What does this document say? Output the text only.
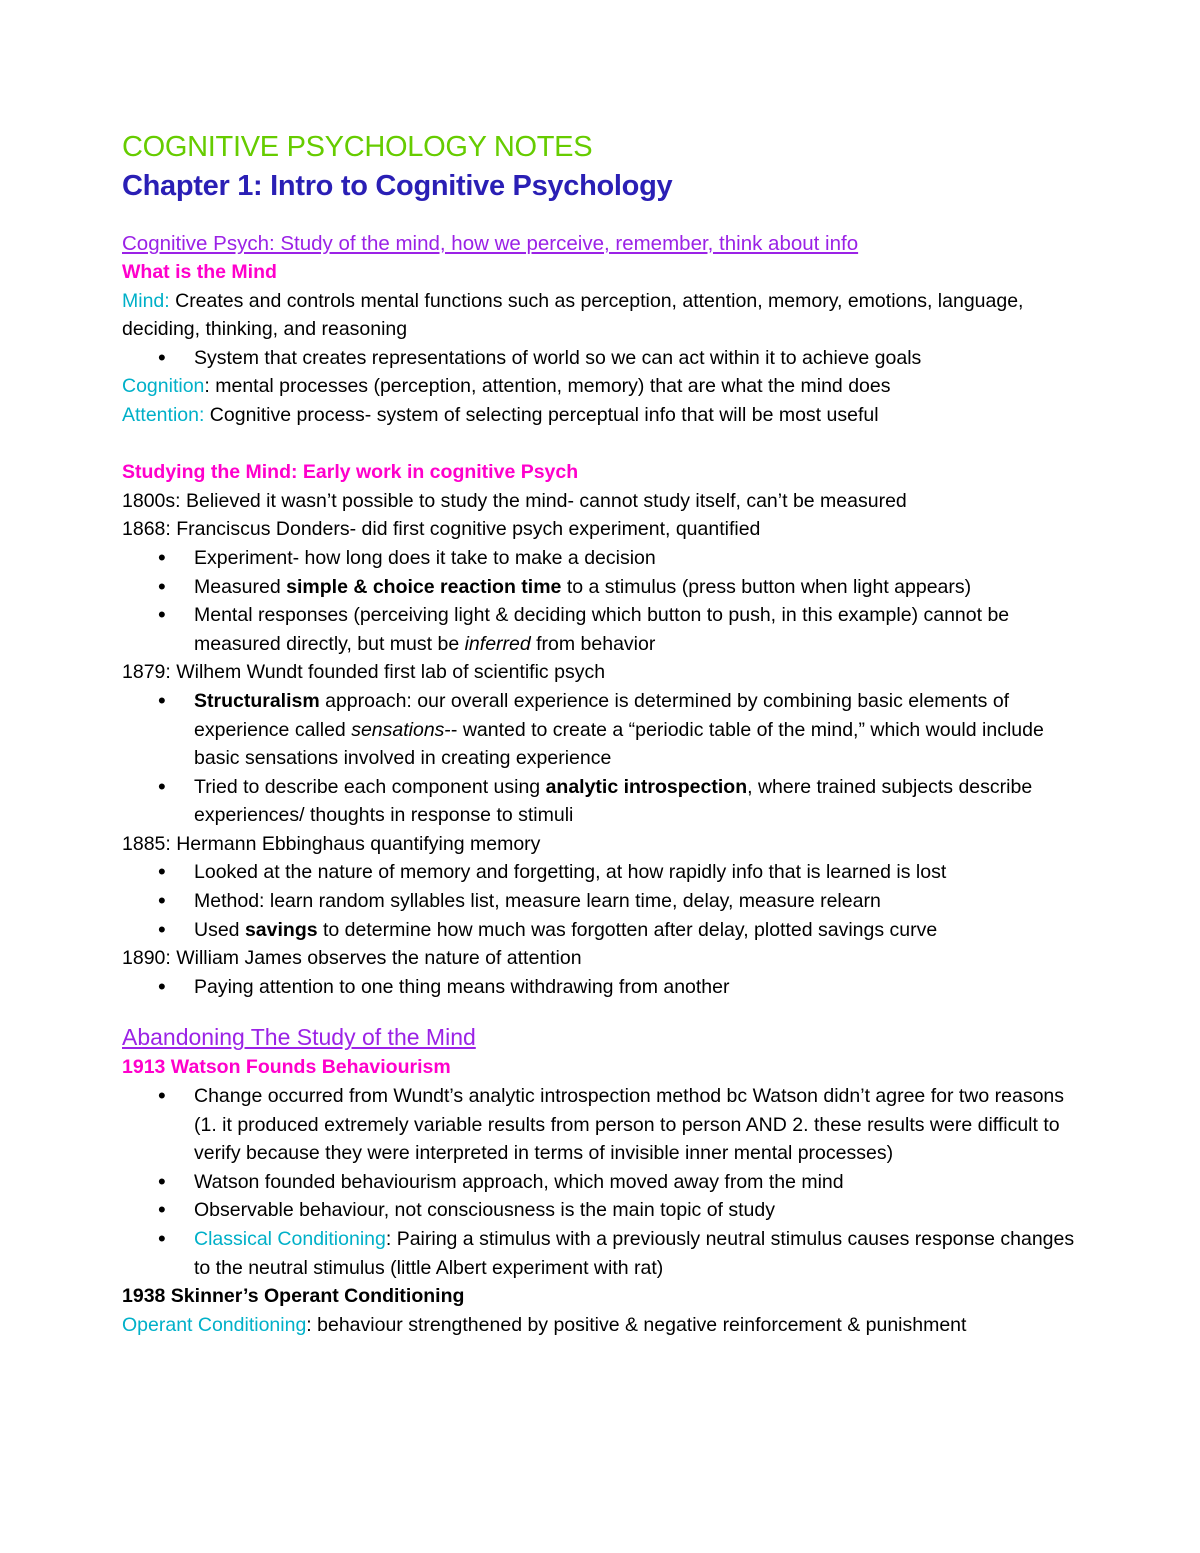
COGNITIVE PSYCHOLOGY NOTES
Chapter 1: Intro to Cognitive Psychology
Cognitive Psych: Study of the mind, how we perceive, remember, think about info
What is the Mind
Mind: Creates and controls mental functions such as perception, attention, memory, emotions, language, deciding, thinking, and reasoning
• System that creates representations of world so we can act within it to achieve goals
Cognition: mental processes (perception, attention, memory) that are what the mind does
Attention: Cognitive process- system of selecting perceptual info that will be most useful
Studying the Mind: Early work in cognitive Psych
1800s: Believed it wasn’t possible to study the mind- cannot study itself, can’t be measured
1868: Franciscus Donders- did first cognitive psych experiment, quantified
• Experiment- how long does it take to make a decision
• Measured simple & choice reaction time to a stimulus (press button when light appears)
• Mental responses (perceiving light & deciding which button to push, in this example) cannot be measured directly, but must be inferred from behavior
1879: Wilhem Wundt founded first lab of scientific psych
• Structuralism approach: our overall experience is determined by combining basic elements of experience called sensations-- wanted to create a “periodic table of the mind,” which would include basic sensations involved in creating experience
• Tried to describe each component using analytic introspection, where trained subjects describe experiences/ thoughts in response to stimuli
1885: Hermann Ebbinghaus quantifying memory
• Looked at the nature of memory and forgetting, at how rapidly info that is learned is lost
• Method: learn random syllables list, measure learn time, delay, measure relearn
• Used savings to determine how much was forgotten after delay, plotted savings curve
1890: William James observes the nature of attention
• Paying attention to one thing means withdrawing from another
Abandoning The Study of the Mind
1913 Watson Founds Behaviourism
• Change occurred from Wundt’s analytic introspection method bc Watson didn’t agree for two reasons (1. it produced extremely variable results from person to person AND 2. these results were difficult to verify because they were interpreted in terms of invisible inner mental processes)
• Watson founded behaviourism approach, which moved away from the mind
• Observable behaviour, not consciousness is the main topic of study
• Classical Conditioning: Pairing a stimulus with a previously neutral stimulus causes response changes to the neutral stimulus (little Albert experiment with rat)
1938 Skinner’s Operant Conditioning
Operant Conditioning: behaviour strengthened by positive & negative reinforcement & punishment
